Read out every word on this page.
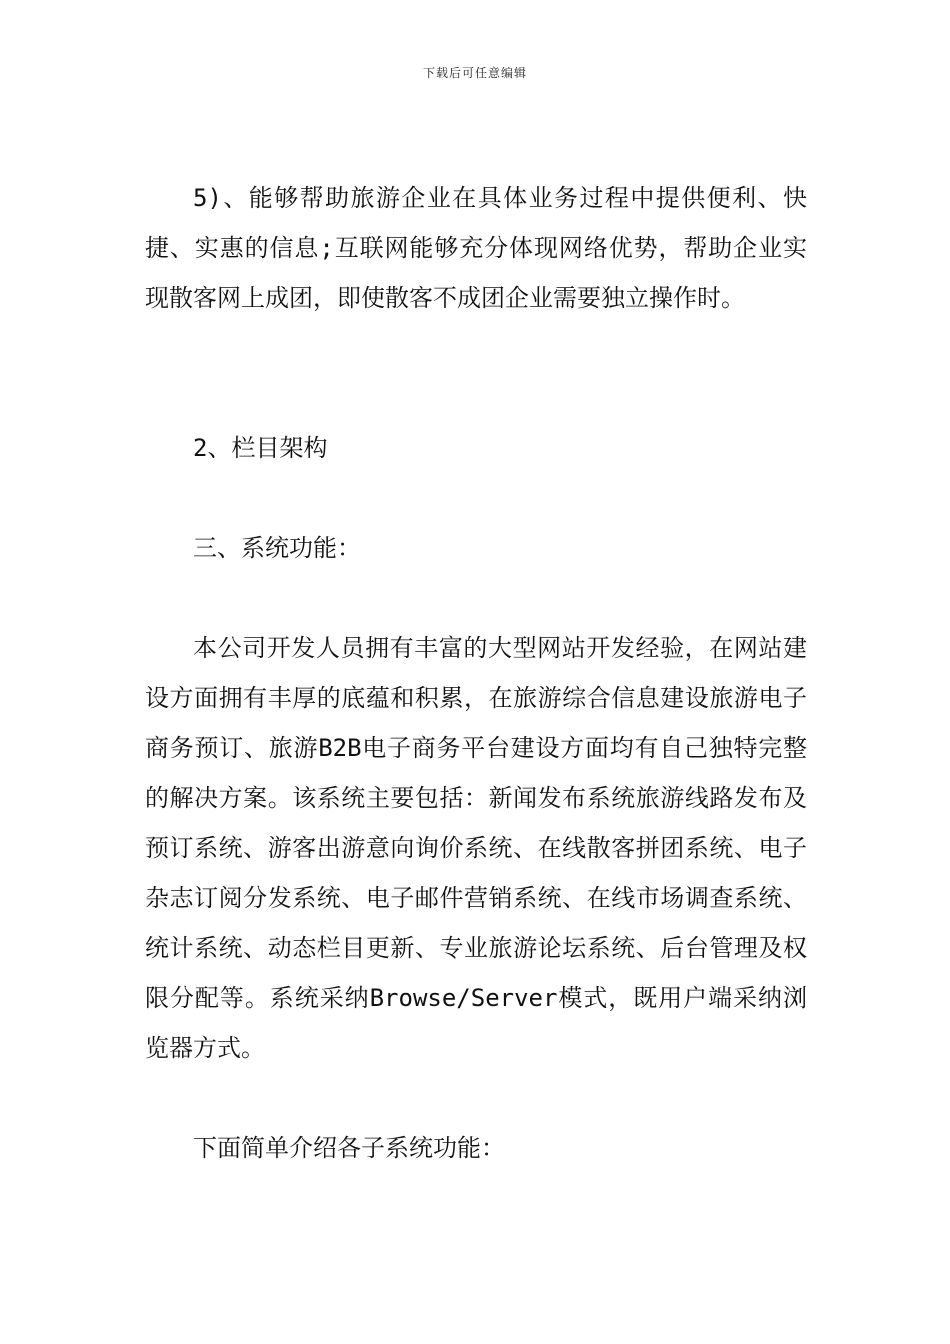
下载后可任意编辑

5)、能够帮助旅游企业在具体业务过程中提供便利、快捷、实惠的信息;互联网能够充分体现网络优势，帮助企业实现散客网上成团，即使散客不成团企业需要独立操作时。

2、栏目架构

三、系统功能：

本公司开发人员拥有丰富的大型网站开发经验，在网站建设方面拥有丰厚的底蕴和积累，在旅游综合信息建设旅游电子商务预订、旅游B2B电子商务平台建设方面均有自己独特完整的解决方案。该系统主要包括：新闻发布系统旅游线路发布及预订系统、游客出游意向询价系统、在线散客拼团系统、电子杂志订阅分发系统、电子邮件营销系统、在线市场调查系统、统计系统、动态栏目更新、专业旅游论坛系统、后台管理及权限分配等。系统采纳Browse/Server模式，既用户端采纳浏览器方式。

下面简单介绍各子系统功能：
